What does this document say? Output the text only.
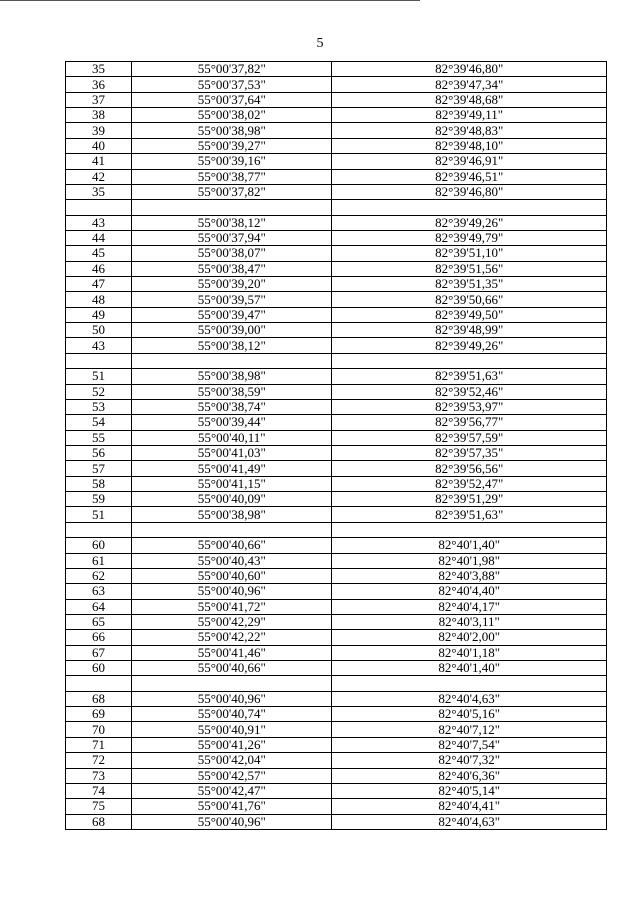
5
35	55°00'37,82"	82°39'46,80"
36	55°00'37,53"	82°39'47,34"
37	55°00'37,64"	82°39'48,68"
38	55°00'38,02"	82°39'49,11"
39	55°00'38,98"	82°39'48,83"
40	55°00'39,27"	82°39'48,10"
41	55°00'39,16"	82°39'46,91"
42	55°00'38,77"	82°39'46,51"
35	55°00'37,82"	82°39'46,80"

43	55°00'38,12"	82°39'49,26"
44	55°00'37,94"	82°39'49,79"
45	55°00'38,07"	82°39'51,10"
46	55°00'38,47"	82°39'51,56"
47	55°00'39,20"	82°39'51,35"
48	55°00'39,57"	82°39'50,66"
49	55°00'39,47"	82°39'49,50"
50	55°00'39,00"	82°39'48,99"
43	55°00'38,12"	82°39'49,26"

51	55°00'38,98"	82°39'51,63"
52	55°00'38,59"	82°39'52,46"
53	55°00'38,74"	82°39'53,97"
54	55°00'39,44"	82°39'56,77"
55	55°00'40,11"	82°39'57,59"
56	55°00'41,03"	82°39'57,35"
57	55°00'41,49"	82°39'56,56"
58	55°00'41,15"	82°39'52,47"
59	55°00'40,09"	82°39'51,29"
51	55°00'38,98"	82°39'51,63"

60	55°00'40,66"	82°40'1,40"
61	55°00'40,43"	82°40'1,98"
62	55°00'40,60"	82°40'3,88"
63	55°00'40,96"	82°40'4,40"
64	55°00'41,72"	82°40'4,17"
65	55°00'42,29"	82°40'3,11"
66	55°00'42,22"	82°40'2,00"
67	55°00'41,46"	82°40'1,18"
60	55°00'40,66"	82°40'1,40"

68	55°00'40,96"	82°40'4,63"
69	55°00'40,74"	82°40'5,16"
70	55°00'40,91"	82°40'7,12"
71	55°00'41,26"	82°40'7,54"
72	55°00'42,04"	82°40'7,32"
73	55°00'42,57"	82°40'6,36"
74	55°00'42,47"	82°40'5,14"
75	55°00'41,76"	82°40'4,41"
68	55°00'40,96"	82°40'4,63"
